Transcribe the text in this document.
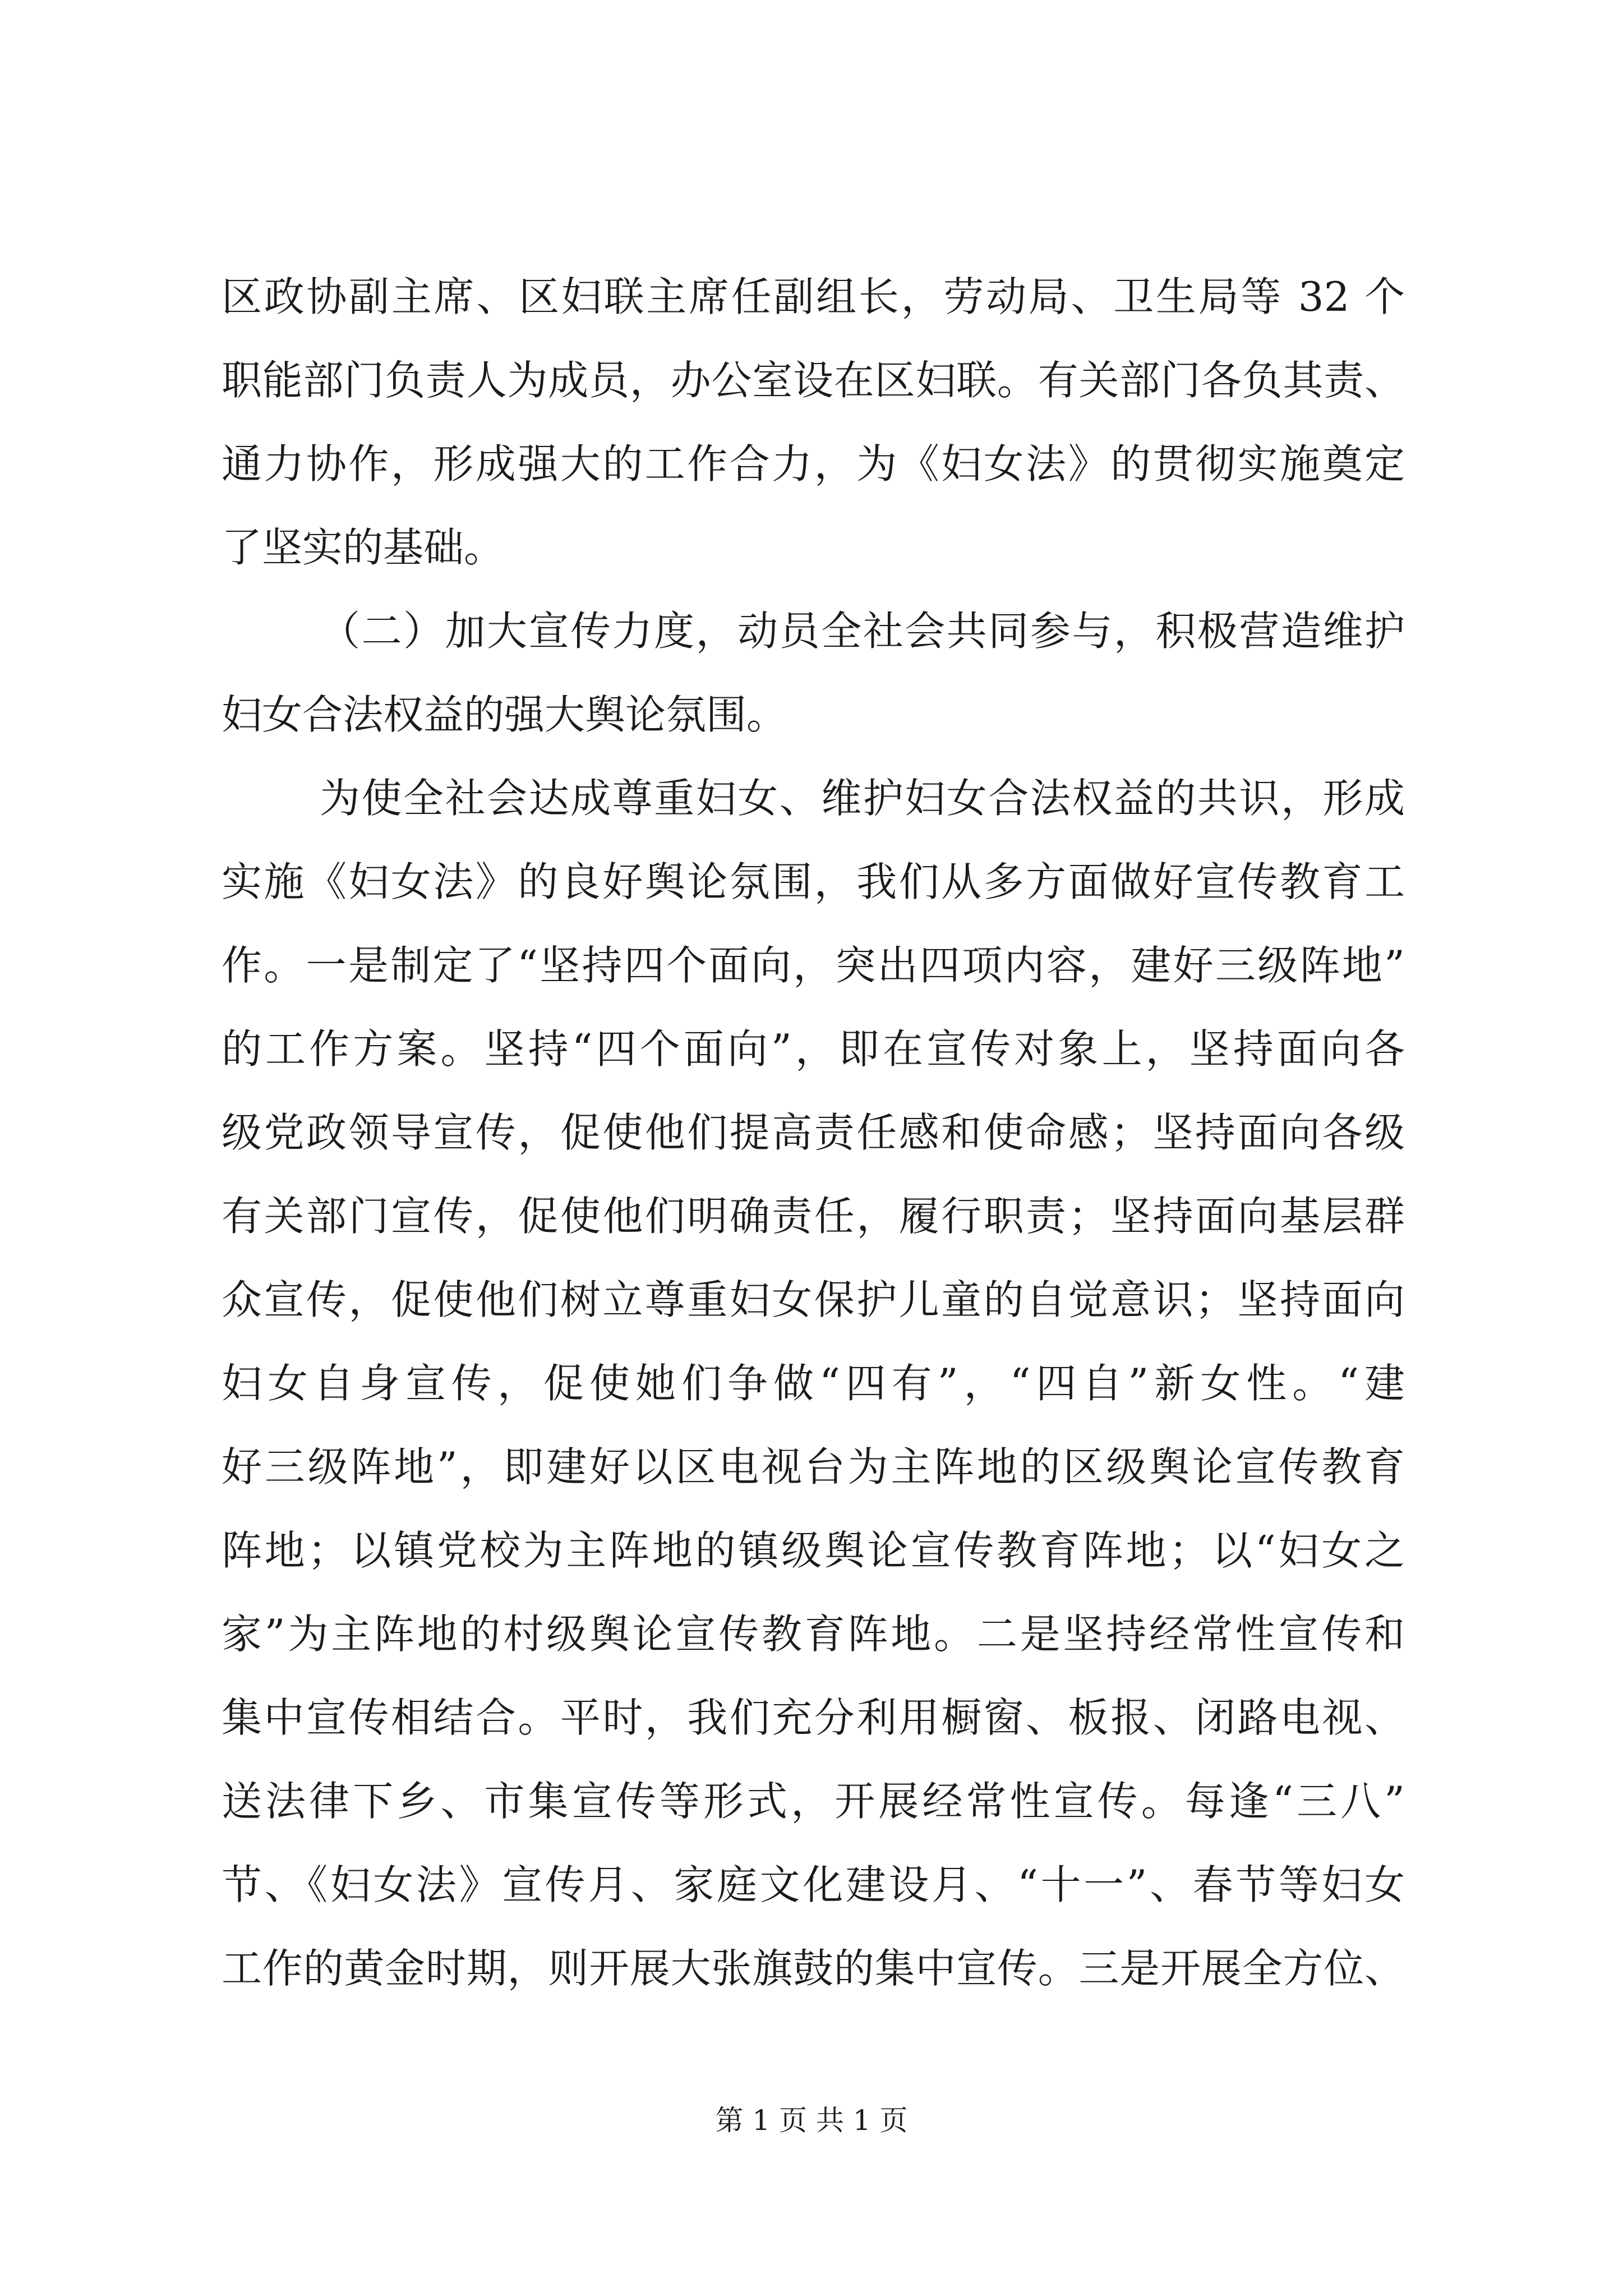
区政协副主席、区妇联主席任副组长，劳动局、卫生局等 32 个
职能部门负责人为成员，办公室设在区妇联。有关部门各负其责、
通力协作，形成强大的工作合力，为《妇女法》的贯彻实施奠定
了坚实的基础。
（二）加大宣传力度，动员全社会共同参与，积极营造维护
妇女合法权益的强大舆论氛围。
为使全社会达成尊重妇女、维护妇女合法权益的共识，形成
实施《妇女法》的良好舆论氛围，我们从多方面做好宣传教育工
作。一是制定了“坚持四个面向，突出四项内容，建好三级阵地”
的工作方案。坚持“四个面向”，即在宣传对象上，坚持面向各
级党政领导宣传，促使他们提高责任感和使命感；坚持面向各级
有关部门宣传，促使他们明确责任，履行职责；坚持面向基层群
众宣传，促使他们树立尊重妇女保护儿童的自觉意识；坚持面向
妇女自身宣传，促使她们争做“四有”，“四自”新女性。“建
好三级阵地”，即建好以区电视台为主阵地的区级舆论宣传教育
阵地；以镇党校为主阵地的镇级舆论宣传教育阵地；以“妇女之
家”为主阵地的村级舆论宣传教育阵地。二是坚持经常性宣传和
集中宣传相结合。平时，我们充分利用橱窗、板报、闭路电视、
送法律下乡、市集宣传等形式，开展经常性宣传。每逢“三八”
节、《妇女法》宣传月、家庭文化建设月、“十一”、春节等妇女
工作的黄金时期，则开展大张旗鼓的集中宣传。三是开展全方位、
第 1 页 共 1 页
